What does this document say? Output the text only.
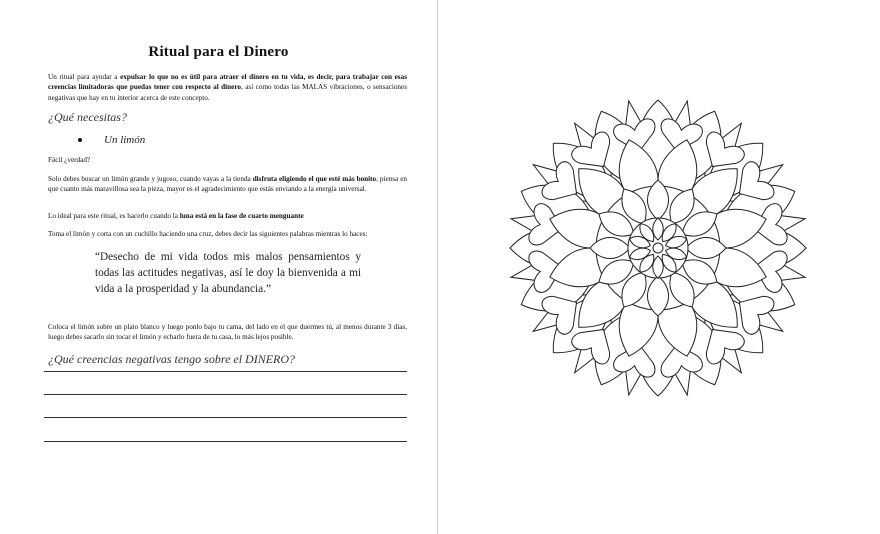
Ritual para el Dinero

Un ritual para ayudar a expulsar lo que no es útil para atraer el dinero en tu vida, es decir, para trabajar con esas creencias limitadoras que puedas tener con respecto al dinero, así como todas las MALAS vibraciones, o sensaciones negativas que hay en tu interior acerca de este concepto.

¿Qué necesitas?
Un limón

Fácil ¿verdad?

Solo debes buscar un limón grande y jugoso, cuando vayas a la tienda disfruta eligiendo el que esté más bonito, piensa en que cuanto más maravillosa sea la pieza, mayor es el agradecimiento que estás enviando a la energía universal.

Lo ideal para este ritual, es hacerlo cuando la luna está en la fase de cuarto menguante

Toma el limón y corta con un cuchillo haciendo una cruz, debes decir las siguientes palabras mientras lo haces:

“Desecho de mi vida todos mis malos pensamientos y todas las actitudes negativas, así le doy la bienvenida a mi vida a la prosperidad y la abundancia.”

Coloca el limón sobre un plato blanco y luego ponlo bajo tu cama, del lado en el que duermes tú, al menos durante 3 días, luego debes sacarlo sin tocar el limón y echarlo fuera de tu casa, lo más lejos posible.

¿Qué creencias negativas tengo sobre el DINERO?
